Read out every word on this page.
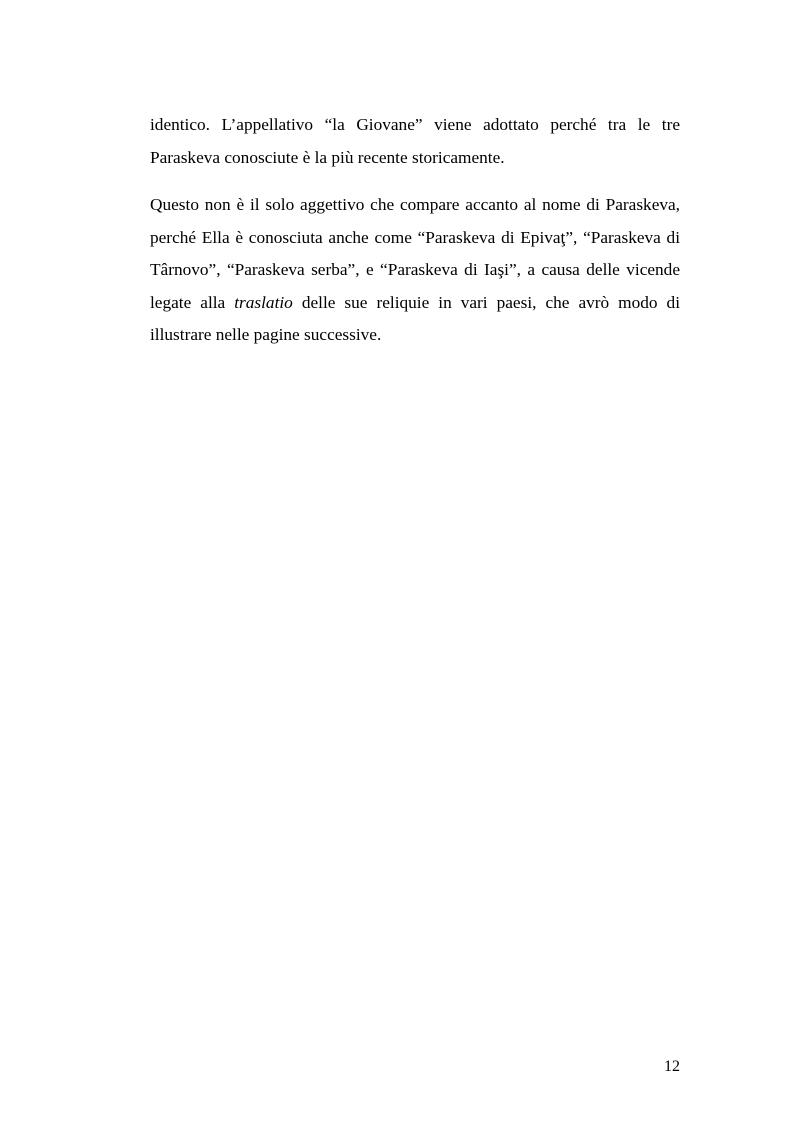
identico. L’appellativo “la Giovane” viene adottato perché tra le tre Paraskeva conosciute è la più recente storicamente.

Questo non è il solo aggettivo che compare accanto al nome di Paraskeva, perché Ella è conosciuta anche come “Paraskeva di Epivaţ”, “Paraskeva di Târnovo”, “Paraskeva serba”, e “Paraskeva di Iaşi”, a causa delle vicende legate alla traslatio delle sue reliquie in vari paesi, che avrò modo di illustrare nelle pagine successive.

12
